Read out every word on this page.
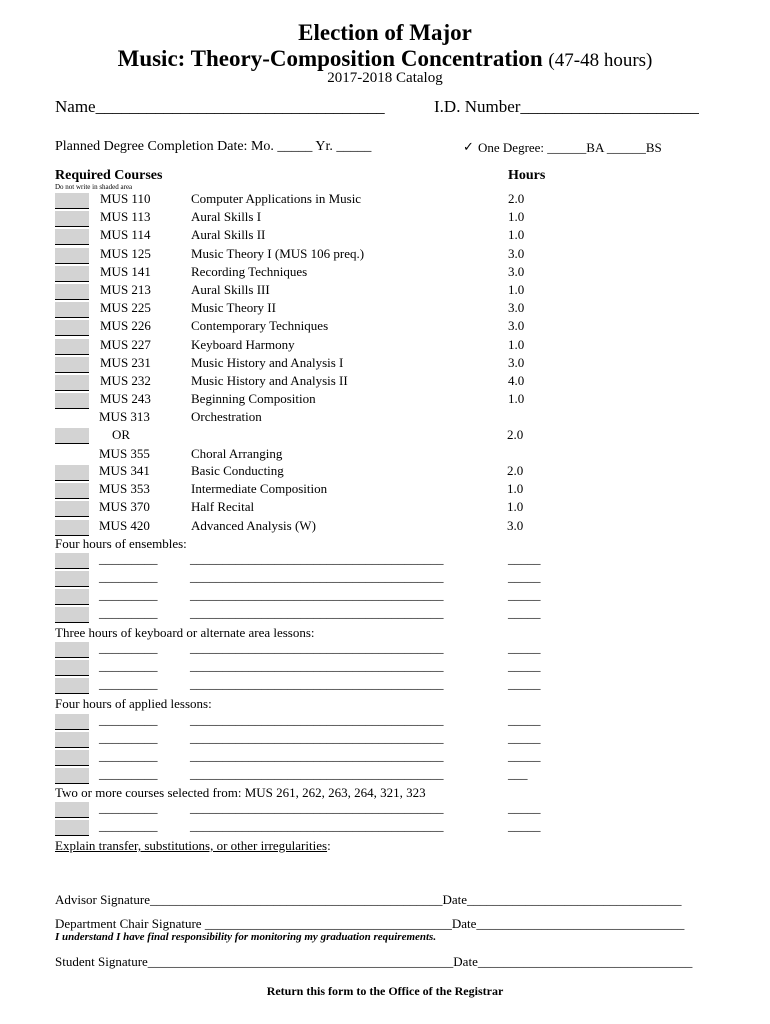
Election of Major
Music: Theory-Composition Concentration (47-48 hours)
2017-2018 Catalog
Name__________________________________	I.D. Number_____________________
Planned Degree Completion Date: Mo. _____ Yr. _____	✓ One Degree: ______BA ______BS
Required Courses	Hours
Do not write in shaded area
MUS 110	Computer Applications in Music	2.0
MUS 113	Aural Skills I	1.0
MUS 114	Aural Skills II	1.0
MUS 125	Music Theory I (MUS 106 preq.)	3.0
MUS 141	Recording Techniques	3.0
MUS 213	Aural Skills III	1.0
MUS 225	Music Theory II	3.0
MUS 226	Contemporary Techniques	3.0
MUS 227	Keyboard Harmony	1.0
MUS 231	Music History and Analysis I	3.0
MUS 232	Music History and Analysis II	4.0
MUS 243	Beginning Composition	1.0
MUS 313	Orchestration
OR	2.0
MUS 355	Choral Arranging
MUS 341	Basic Conducting	2.0
MUS 353	Intermediate Composition	1.0
MUS 370	Half Recital	1.0
MUS 420	Advanced Analysis (W)	3.0
Four hours of ensembles:
_________	_______________________________________	_____
_________	_______________________________________	_____
_________	_______________________________________	_____
_________	_______________________________________	_____
Three hours of keyboard or alternate area lessons:
_________	_______________________________________	_____
_________	_______________________________________	_____
_________	_______________________________________	_____
Four hours of applied lessons:
_________	_______________________________________	_____
_________	_______________________________________	_____
_________	_______________________________________	_____
_________	_______________________________________	___
Two or more courses selected from: MUS 261, 262, 263, 264, 321, 323
_________	_______________________________________	_____
_________	_______________________________________	_____
Explain transfer, substitutions, or other irregularities:
Advisor Signature_____________________________________________Date_________________________________
Department Chair Signature ______________________________________Date________________________________
I understand I have final responsibility for monitoring my graduation requirements.
Student Signature_______________________________________________Date_________________________________
Return this form to the Office of the Registrar
